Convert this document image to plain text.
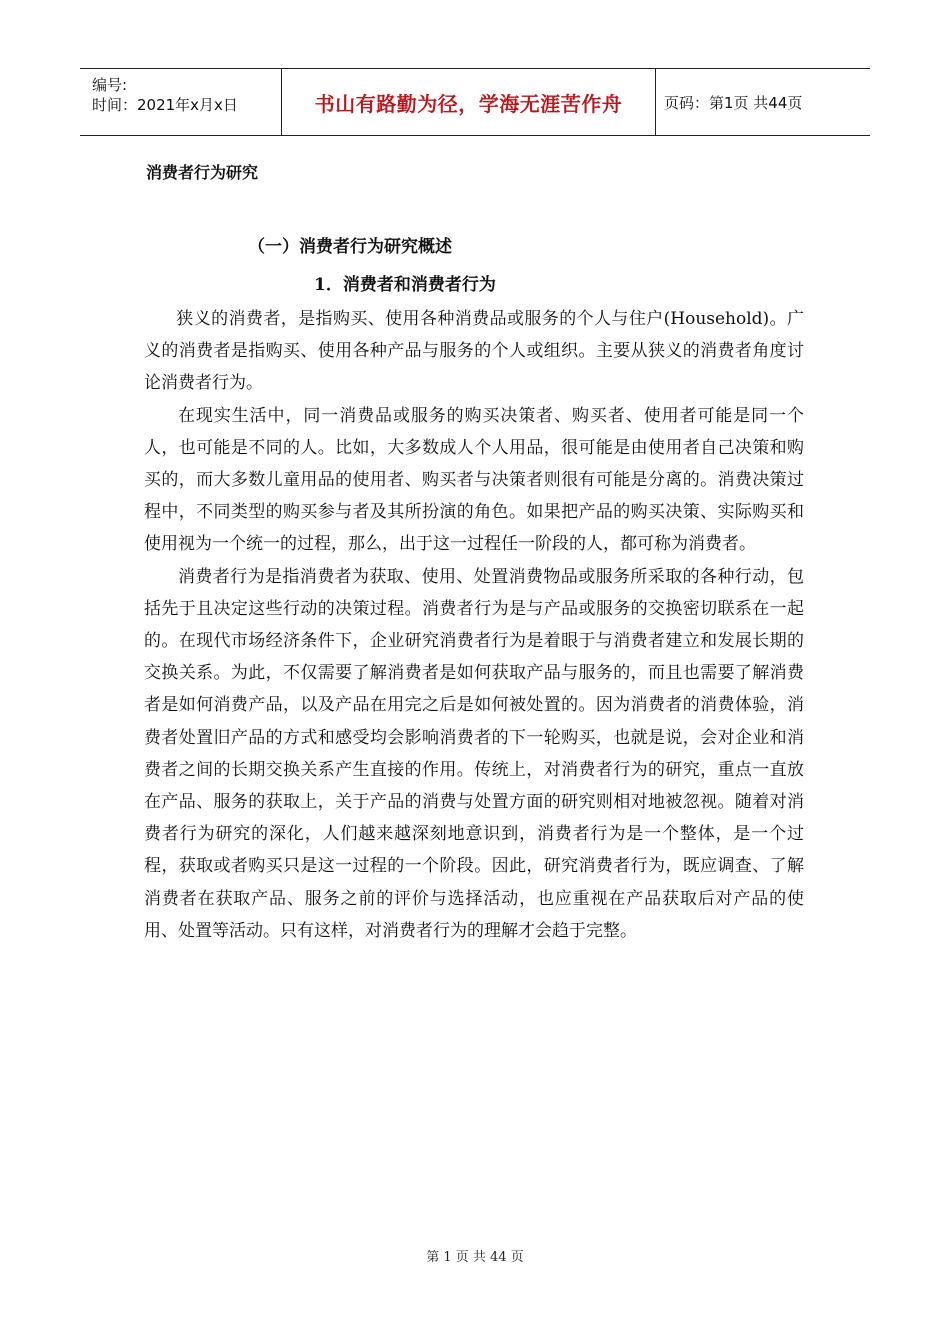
编号:
时间：2021年x月x日	书山有路勤为径，学海无涯苦作舟	页码：第1页 共44页
消费者行为研究
（一）消费者行为研究概述
1．消费者和消费者行为

狭义的消费者，是指购买、使用各种消费品或服务的个人与住户(Household)。广义的消费者是指购买、使用各种产品与服务的个人或组织。主要从狭义的消费者角度讨论消费者行为。

在现实生活中，同一消费品或服务的购买决策者、购买者、使用者可能是同一个人，也可能是不同的人。比如，大多数成人个人用品，很可能是由使用者自己决策和购买的，而大多数儿童用品的使用者、购买者与决策者则很有可能是分离的。消费决策过程中，不同类型的购买参与者及其所扮演的角色。如果把产品的购买决策、实际购买和使用视为一个统一的过程，那么，出于这一过程任一阶段的人，都可称为消费者。

消费者行为是指消费者为获取、使用、处置消费物品或服务所采取的各种行动，包括先于且决定这些行动的决策过程。消费者行为是与产品或服务的交换密切联系在一起的。在现代市场经济条件下，企业研究消费者行为是着眼于与消费者建立和发展长期的交换关系。为此，不仅需要了解消费者是如何获取产品与服务的，而且也需要了解消费者是如何消费产品，以及产品在用完之后是如何被处置的。因为消费者的消费体验，消费者处置旧产品的方式和感受均会影响消费者的下一轮购买，也就是说，会对企业和消费者之间的长期交换关系产生直接的作用。传统上，对消费者行为的研究，重点一直放在产品、服务的获取上，关于产品的消费与处置方面的研究则相对地被忽视。随着对消费者行为研究的深化，人们越来越深刻地意识到，消费者行为是一个整体，是一个过程，获取或者购买只是这一过程的一个阶段。因此，研究消费者行为，既应调查、了解消费者在获取产品、服务之前的评价与选择活动，也应重视在产品获取后对产品的使用、处置等活动。只有这样，对消费者行为的理解才会趋于完整。

第 1 页 共 44 页
